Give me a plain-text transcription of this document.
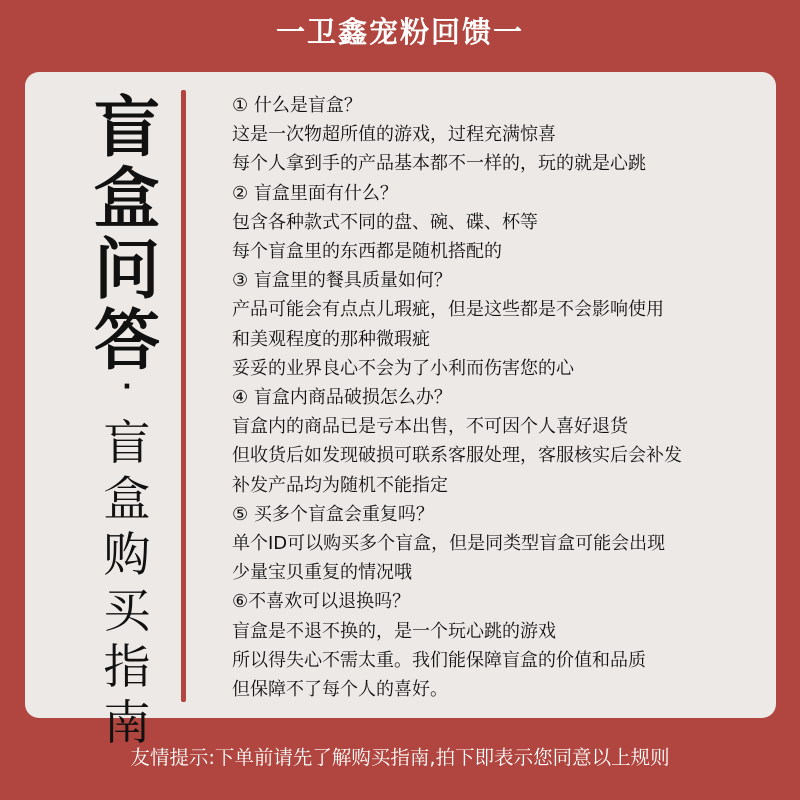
一卫鑫宠粉回馈一
盲
盒
问
答
·
盲
盒
购
买
指
南
① 什么是盲盒？
这是一次物超所值的游戏，过程充满惊喜
每个人拿到手的产品基本都不一样的，玩的就是心跳
② 盲盒里面有什么？
包含各种款式不同的盘、碗、碟、杯等
每个盲盒里的东西都是随机搭配的
③ 盲盒里的餐具质量如何？
产品可能会有点点儿瑕疵，但是这些都是不会影响使用
和美观程度的那种微瑕疵
妥妥的业界良心不会为了小利而伤害您的心
④ 盲盒内商品破损怎么办？
盲盒内的商品已是亏本出售，不可因个人喜好退货
但收货后如发现破损可联系客服处理，客服核实后会补发
补发产品均为随机不能指定
⑤ 买多个盲盒会重复吗？
单个ID可以购买多个盲盒，但是同类型盲盒可能会出现
少量宝贝重复的情况哦
⑥不喜欢可以退换吗？
盲盒是不退不换的，是一个玩心跳的游戏
所以得失心不需太重。我们能保障盲盒的价值和品质
但保障不了每个人的喜好。
友情提示:下单前请先了解购买指南,拍下即表示您同意以上规则
